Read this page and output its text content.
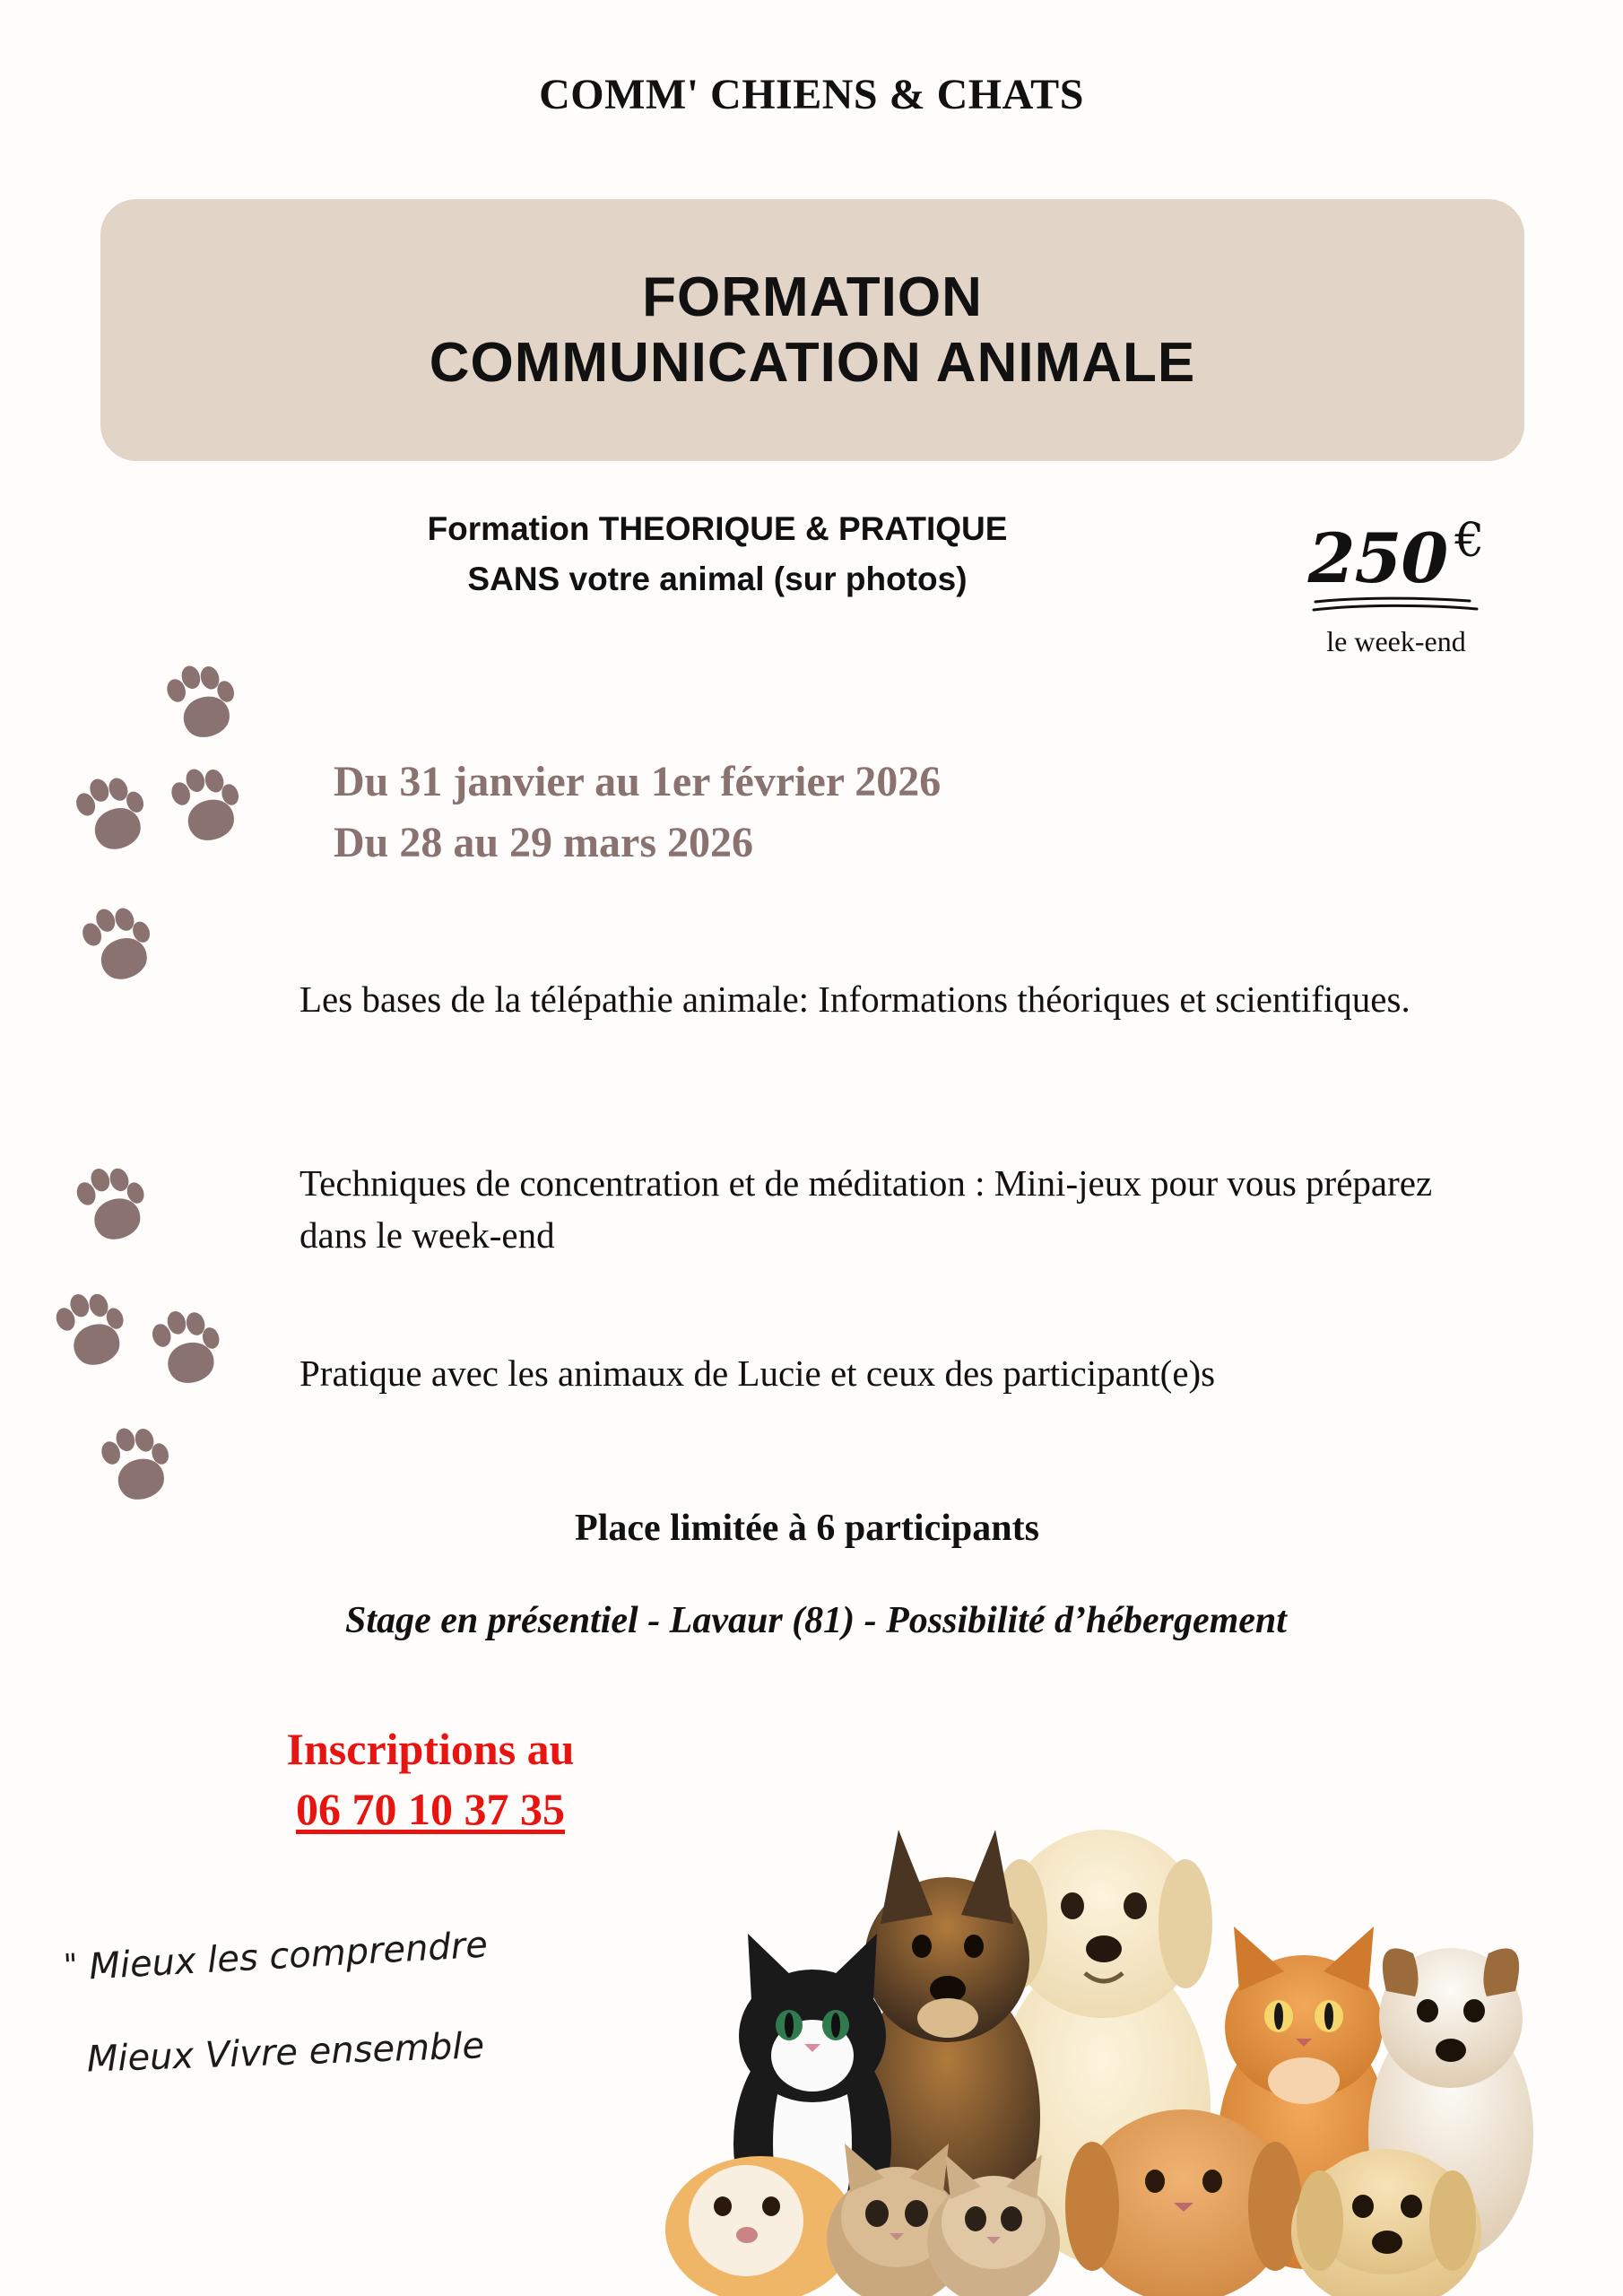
COMM' CHIENS & CHATS
FORMATION
COMMUNICATION ANIMALE
Formation THEORIQUE & PRATIQUE
SANS votre animal (sur photos)	250 €
le week-end
Du 31 janvier au 1er février 2026
Du 28 au 29 mars 2026
Les bases de la télépathie animale: Informations théoriques et scientifiques.
Techniques de concentration et de méditation : Mini-jeux pour vous préparez dans le week-end
Pratique avec les animaux de Lucie et ceux des participant(e)s
Place limitée à 6 participants
Stage en présentiel - Lavaur (81) - Possibilité d’hébergement
Inscriptions au
06 70 10 37 35
" Mieux les comprendre
Mieux Vivre ensemble
